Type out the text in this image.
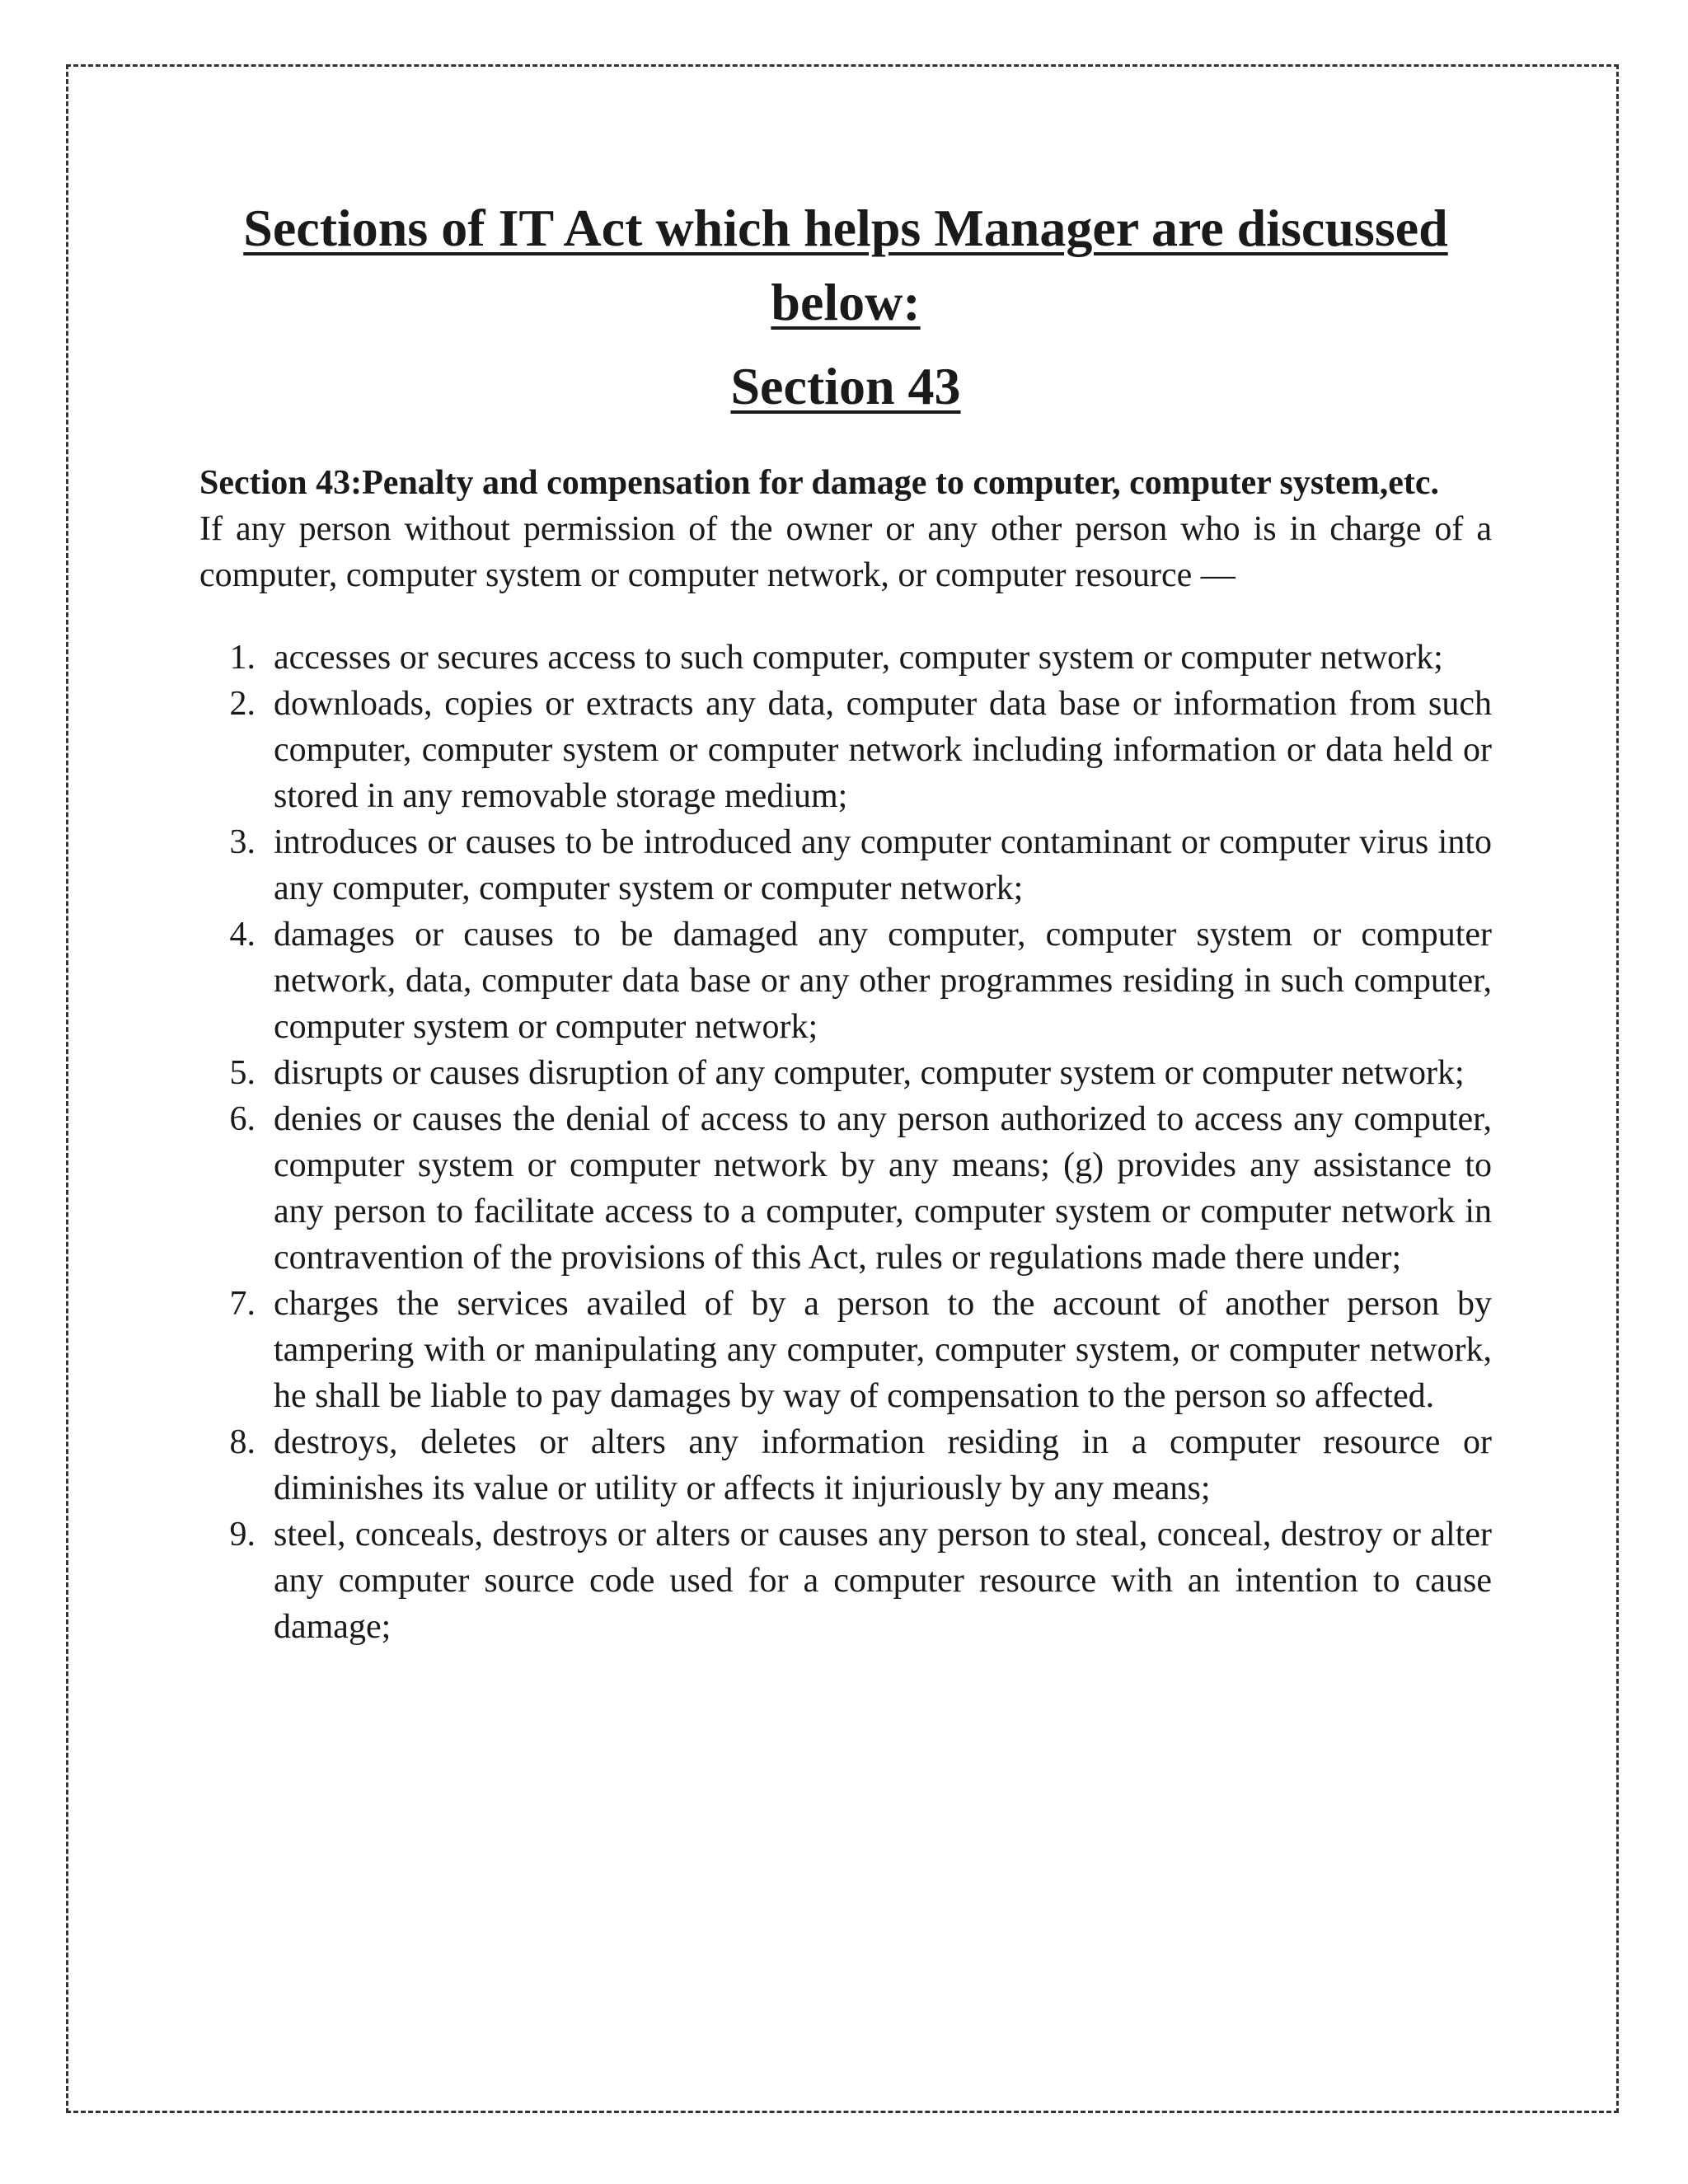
Sections of IT Act which helps Manager are discussed below:
Section 43

Section 43:Penalty and compensation for damage to computer, computer system,etc.

If any person without permission of the owner or any other person who is in charge of a computer, computer system or computer network, or computer resource —

1. accesses or secures access to such computer, computer system or computer network;
2. downloads, copies or extracts any data, computer data base or information from such computer, computer system or computer network including information or data held or stored in any removable storage medium;
3. introduces or causes to be introduced any computer contaminant or computer virus into any computer, computer system or computer network;
4. damages or causes to be damaged any computer, computer system or computer network, data, computer data base or any other programmes residing in such computer, computer system or computer network;
5. disrupts or causes disruption of any computer, computer system or computer network;
6. denies or causes the denial of access to any person authorized to access any computer, computer system or computer network by any means; (g) provides any assistance to any person to facilitate access to a computer, computer system or computer network in contravention of the provisions of this Act, rules or regulations made there under;
7. charges the services availed of by a person to the account of another person by tampering with or manipulating any computer, computer system, or computer network, he shall be liable to pay damages by way of compensation to the person so affected.
8. destroys, deletes or alters any information residing in a computer resource or diminishes its value or utility or affects it injuriously by any means;
9. steel, conceals, destroys or alters or causes any person to steal, conceal, destroy or alter any computer source code used for a computer resource with an intention to cause damage;
